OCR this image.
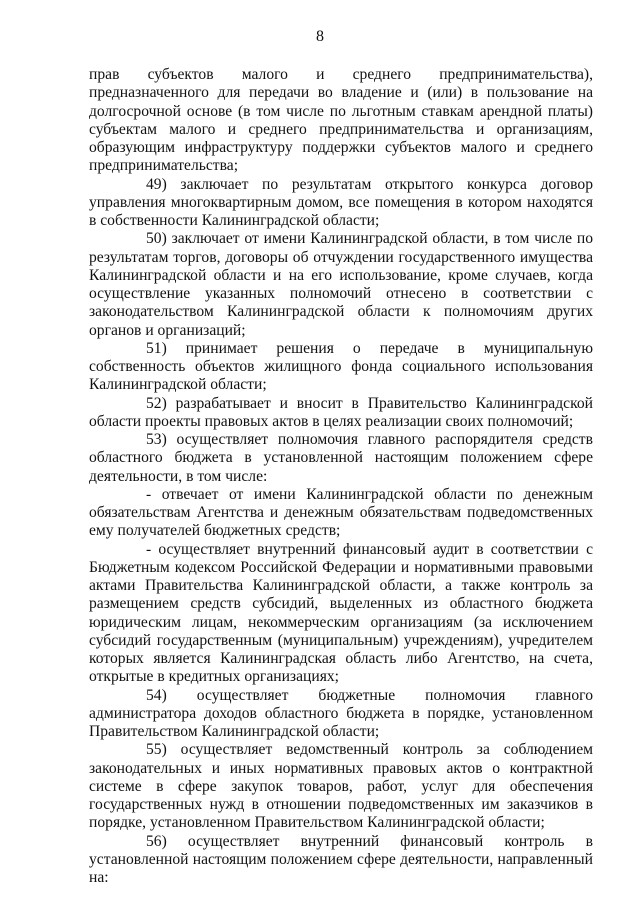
8

прав субъектов малого и среднего предпринимательства), предназначенного для передачи во владение и (или) в пользование на долгосрочной основе (в том числе по льготным ставкам арендной платы) субъектам малого и среднего предпринимательства и организациям, образующим инфраструктуру поддержки субъектов малого и среднего предпринимательства;

49) заключает по результатам открытого конкурса договор управления многоквартирным домом, все помещения в котором находятся в собственности Калининградской области;

50) заключает от имени Калининградской области, в том числе по результатам торгов, договоры об отчуждении государственного имущества Калининградской области и на его использование, кроме случаев, когда осуществление указанных полномочий отнесено в соответствии с законодательством Калининградской области к полномочиям других органов и организаций;

51) принимает решения о передаче в муниципальную собственность объектов жилищного фонда социального использования Калининградской области;

52) разрабатывает и вносит в Правительство Калининградской области проекты правовых актов в целях реализации своих полномочий;

53) осуществляет полномочия главного распорядителя средств областного бюджета в установленной настоящим положением сфере деятельности, в том числе:

- отвечает от имени Калининградской области по денежным обязательствам Агентства и денежным обязательствам подведомственных ему получателей бюджетных средств;

- осуществляет внутренний финансовый аудит в соответствии с Бюджетным кодексом Российской Федерации и нормативными правовыми актами Правительства Калининградской области, а также контроль за размещением средств субсидий, выделенных из областного бюджета юридическим лицам, некоммерческим организациям (за исключением субсидий государственным (муниципальным) учреждениям), учредителем которых является Калининградская область либо Агентство, на счета, открытые в кредитных организациях;

54) осуществляет бюджетные полномочия главного администратора доходов областного бюджета в порядке, установленном Правительством Калининградской области;

55) осуществляет ведомственный контроль за соблюдением законодательных и иных нормативных правовых актов о контрактной системе в сфере закупок товаров, работ, услуг для обеспечения государственных нужд в отношении подведомственных им заказчиков в порядке, установленном Правительством Калининградской области;

56) осуществляет внутренний финансовый контроль в установленной настоящим положением сфере деятельности, направленный на:
